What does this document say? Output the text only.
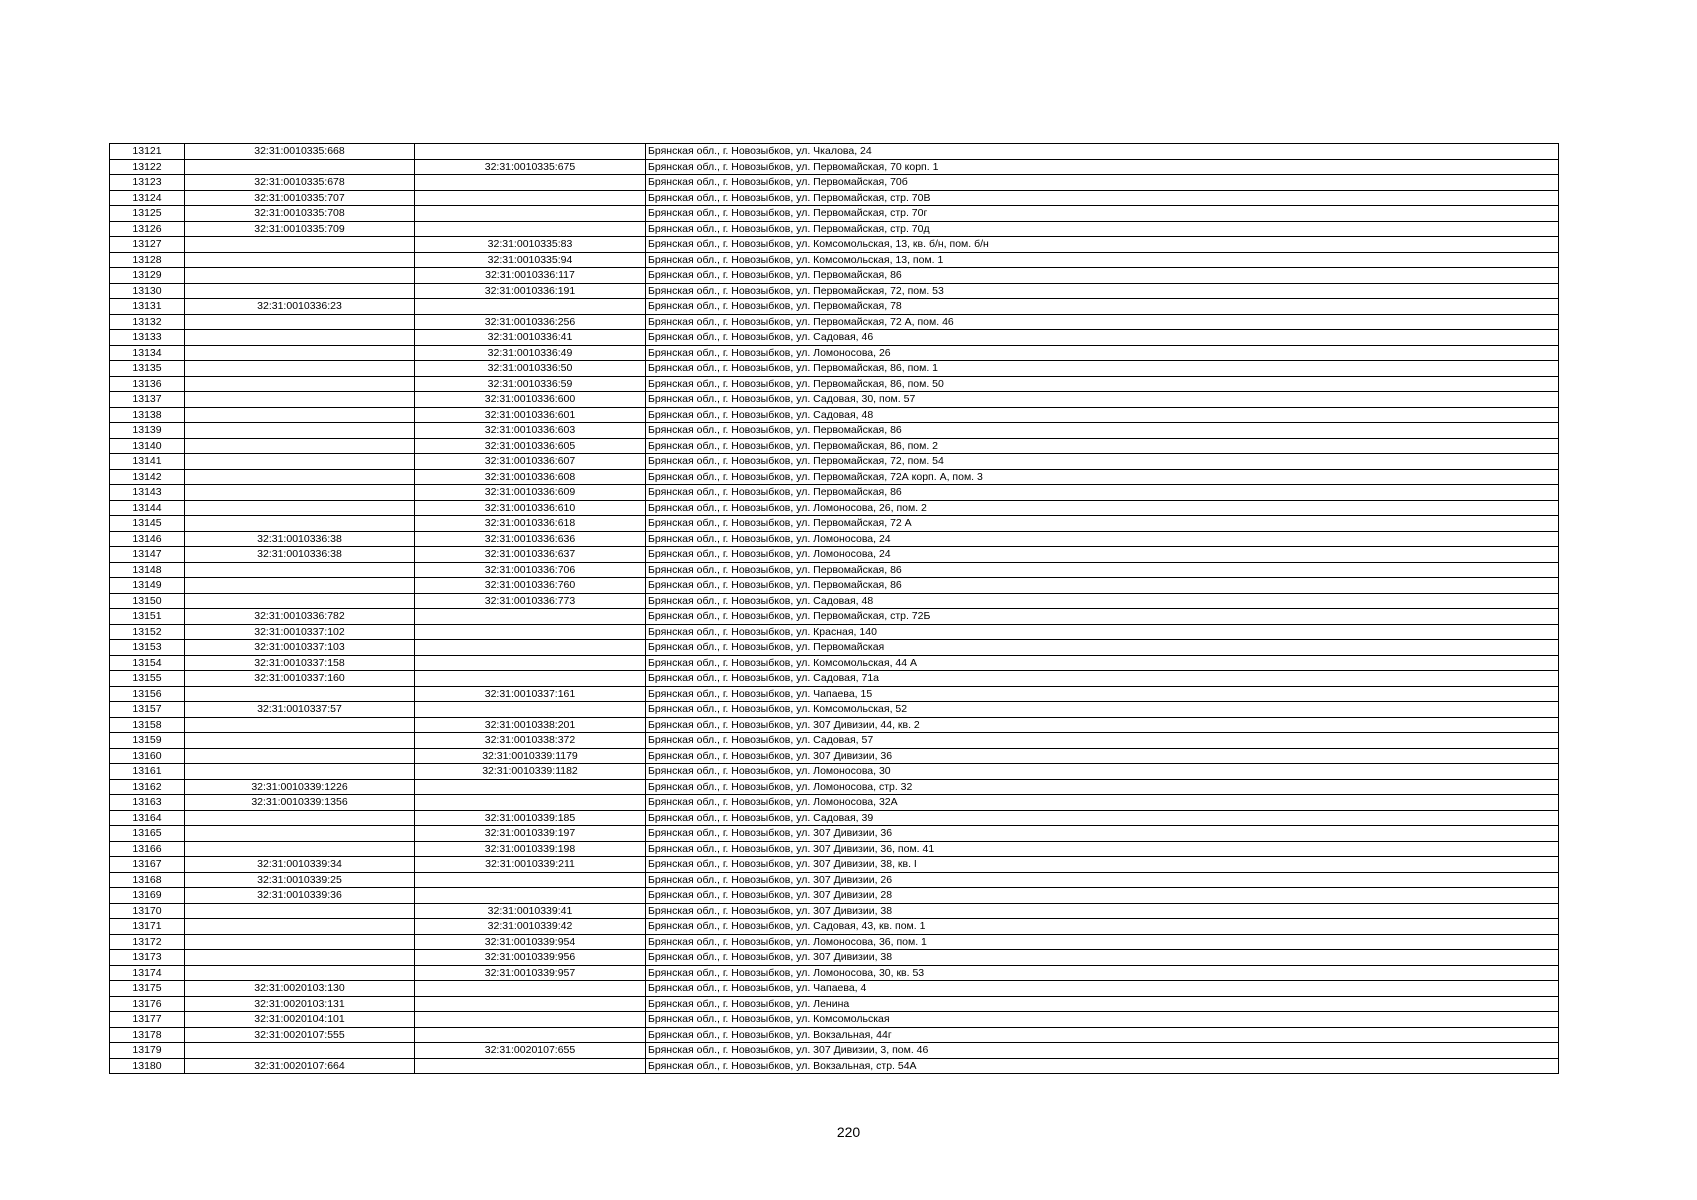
13121	32:31:0010335:668		Брянская обл., г. Новозыбков, ул. Чкалова, 24
13122		32:31:0010335:675	Брянская обл., г. Новозыбков, ул. Первомайская, 70 корп. 1
13123	32:31:0010335:678		Брянская обл., г. Новозыбков, ул. Первомайская, 70б
13124	32:31:0010335:707		Брянская обл., г. Новозыбков, ул. Первомайская, стр. 70В
13125	32:31:0010335:708		Брянская обл., г. Новозыбков, ул. Первомайская, стр. 70г
13126	32:31:0010335:709		Брянская обл., г. Новозыбков, ул. Первомайская, стр. 70д
13127		32:31:0010335:83	Брянская обл., г. Новозыбков, ул. Комсомольская, 13, кв. б/н, пом. б/н
13128		32:31:0010335:94	Брянская обл., г. Новозыбков, ул. Комсомольская, 13, пом. 1
13129		32:31:0010336:117	Брянская обл., г. Новозыбков, ул. Первомайская, 86
13130		32:31:0010336:191	Брянская обл., г. Новозыбков, ул. Первомайская, 72, пом. 53
13131	32:31:0010336:23		Брянская обл., г. Новозыбков, ул. Первомайская, 78
13132		32:31:0010336:256	Брянская обл., г. Новозыбков, ул. Первомайская, 72 А, пом. 46
13133		32:31:0010336:41	Брянская обл., г. Новозыбков, ул. Садовая, 46
13134		32:31:0010336:49	Брянская обл., г. Новозыбков, ул. Ломоносова, 26
13135		32:31:0010336:50	Брянская обл., г. Новозыбков, ул. Первомайская, 86, пом. 1
13136		32:31:0010336:59	Брянская обл., г. Новозыбков, ул. Первомайская, 86, пом. 50
13137		32:31:0010336:600	Брянская обл., г. Новозыбков, ул. Садовая, 30, пом. 57
13138		32:31:0010336:601	Брянская обл., г. Новозыбков, ул. Садовая, 48
13139		32:31:0010336:603	Брянская обл., г. Новозыбков, ул. Первомайская, 86
13140		32:31:0010336:605	Брянская обл., г. Новозыбков, ул. Первомайская, 86, пом. 2
13141		32:31:0010336:607	Брянская обл., г. Новозыбков, ул. Первомайская, 72, пом. 54
13142		32:31:0010336:608	Брянская обл., г. Новозыбков, ул. Первомайская, 72А корп. А, пом. 3
13143		32:31:0010336:609	Брянская обл., г. Новозыбков, ул. Первомайская, 86
13144		32:31:0010336:610	Брянская обл., г. Новозыбков, ул. Ломоносова, 26, пом. 2
13145		32:31:0010336:618	Брянская обл., г. Новозыбков, ул. Первомайская, 72 А
13146	32:31:0010336:38	32:31:0010336:636	Брянская обл., г. Новозыбков, ул. Ломоносова, 24
13147	32:31:0010336:38	32:31:0010336:637	Брянская обл., г. Новозыбков, ул. Ломоносова, 24
13148		32:31:0010336:706	Брянская обл., г. Новозыбков, ул. Первомайская, 86
13149		32:31:0010336:760	Брянская обл., г. Новозыбков, ул. Первомайская, 86
13150		32:31:0010336:773	Брянская обл., г. Новозыбков, ул. Садовая, 48
13151	32:31:0010336:782		Брянская обл., г. Новозыбков, ул. Первомайская, стр. 72Б
13152	32:31:0010337:102		Брянская обл., г. Новозыбков, ул. Красная, 140
13153	32:31:0010337:103		Брянская обл., г. Новозыбков, ул. Первомайская
13154	32:31:0010337:158		Брянская обл., г. Новозыбков, ул. Комсомольская, 44 А
13155	32:31:0010337:160		Брянская обл., г. Новозыбков, ул. Садовая, 71а
13156		32:31:0010337:161	Брянская обл., г. Новозыбков, ул. Чапаева, 15
13157	32:31:0010337:57		Брянская обл., г. Новозыбков, ул. Комсомольская, 52
13158		32:31:0010338:201	Брянская обл., г. Новозыбков, ул. 307 Дивизии, 44, кв. 2
13159		32:31:0010338:372	Брянская обл., г. Новозыбков, ул. Садовая, 57
13160		32:31:0010339:1179	Брянская обл., г. Новозыбков, ул. 307 Дивизии, 36
13161		32:31:0010339:1182	Брянская обл., г. Новозыбков, ул. Ломоносова, 30
13162	32:31:0010339:1226		Брянская обл., г. Новозыбков, ул. Ломоносова, стр. 32
13163	32:31:0010339:1356		Брянская обл., г. Новозыбков, ул. Ломоносова, 32А
13164		32:31:0010339:185	Брянская обл., г. Новозыбков, ул. Садовая, 39
13165		32:31:0010339:197	Брянская обл., г. Новозыбков, ул. 307 Дивизии, 36
13166		32:31:0010339:198	Брянская обл., г. Новозыбков, ул. 307 Дивизии, 36, пом. 41
13167	32:31:0010339:34	32:31:0010339:211	Брянская обл., г. Новозыбков, ул. 307 Дивизии, 38, кв. I
13168	32:31:0010339:25		Брянская обл., г. Новозыбков, ул. 307 Дивизии, 26
13169	32:31:0010339:36		Брянская обл., г. Новозыбков, ул. 307 Дивизии, 28
13170		32:31:0010339:41	Брянская обл., г. Новозыбков, ул. 307 Дивизии, 38
13171		32:31:0010339:42	Брянская обл., г. Новозыбков, ул. Садовая, 43, кв. пом. 1
13172		32:31:0010339:954	Брянская обл., г. Новозыбков, ул. Ломоносова, 36, пом. 1
13173		32:31:0010339:956	Брянская обл., г. Новозыбков, ул. 307 Дивизии, 38
13174		32:31:0010339:957	Брянская обл., г. Новозыбков, ул. Ломоносова, 30, кв. 53
13175	32:31:0020103:130		Брянская обл., г. Новозыбков, ул. Чапаева, 4
13176	32:31:0020103:131		Брянская обл., г. Новозыбков, ул. Ленина
13177	32:31:0020104:101		Брянская обл., г. Новозыбков, ул. Комсомольская
13178	32:31:0020107:555		Брянская обл., г. Новозыбков, ул. Вокзальная, 44г
13179		32:31:0020107:655	Брянская обл., г. Новозыбков, ул. 307 Дивизии, 3, пом. 46
13180	32:31:0020107:664		Брянская обл., г. Новозыбков, ул. Вокзальная, стр. 54А
220
